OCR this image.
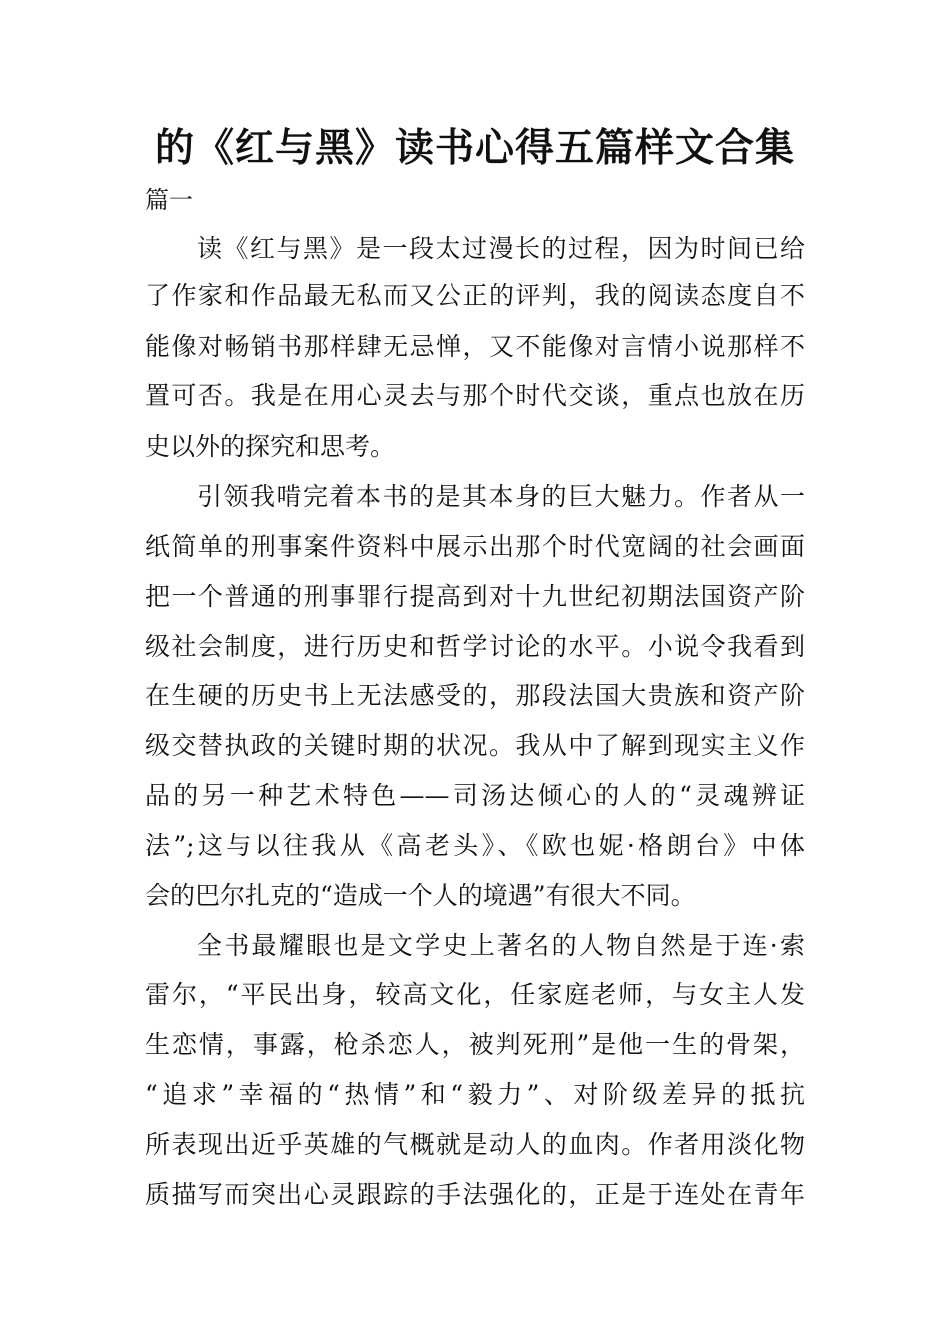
的《红与黑》读书心得五篇样文合集
篇一
读《红与黑》是一段太过漫长的过程，因为时间已给
了作家和作品最无私而又公正的评判，我的阅读态度自不
能像对畅销书那样肆无忌惮，又不能像对言情小说那样不
置可否。我是在用心灵去与那个时代交谈，重点也放在历
史以外的探究和思考。
引领我啃完着本书的是其本身的巨大魅力。作者从一
纸简单的刑事案件资料中展示出那个时代宽阔的社会画面
把一个普通的刑事罪行提高到对十九世纪初期法国资产阶
级社会制度，进行历史和哲学讨论的水平。小说令我看到
在生硬的历史书上无法感受的，那段法国大贵族和资产阶
级交替执政的关键时期的状况。我从中了解到现实主义作
品的另一种艺术特色——司汤达倾心的人的“灵魂辨证
法”;这与以往我从《高老头》、《欧也妮·格朗台》中体
会的巴尔扎克的“造成一个人的境遇”有很大不同。
全书最耀眼也是文学史上著名的人物自然是于连·索
雷尔，“平民出身，较高文化，任家庭老师，与女主人发
生恋情，事露，枪杀恋人，被判死刑”是他一生的骨架，
“追求”幸福的“热情”和“毅力”、对阶级差异的抵抗
所表现出近乎英雄的气概就是动人的血肉。作者用淡化物
质描写而突出心灵跟踪的手法强化的，正是于连处在青年
